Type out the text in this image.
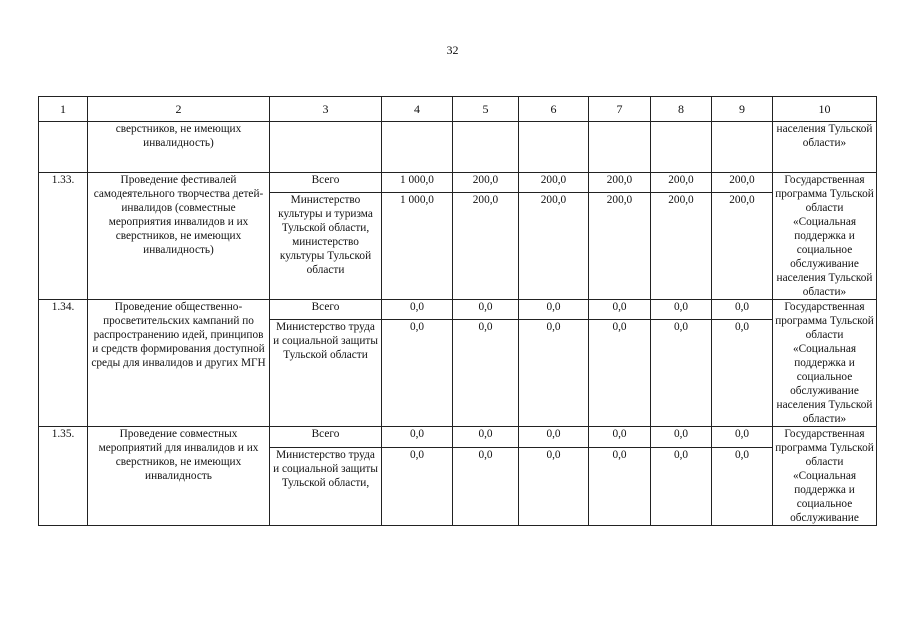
32
1	2	3	4	5	6	7	8	9	10
	сверстников, не имеющих инвалидность)								населения Тульской области»
1.33.	Проведение фестивалей самодеятельного творчества детей-инвалидов (совместные мероприятия инвалидов и их сверстников, не имеющих инвалидность)	Всего	1 000,0	200,0	200,0	200,0	200,0	200,0	Государственная программа Тульской области «Социальная поддержка и социальное обслуживание населения Тульской области»
		Министерство культуры и туризма Тульской области, министерство культуры Тульской области	1 000,0	200,0	200,0	200,0	200,0	200,0	
1.34.	Проведение общественно-просветительских кампаний по распространению идей, принципов и средств формирования доступной среды для инвалидов и других МГН	Всего	0,0	0,0	0,0	0,0	0,0	0,0	Государственная программа Тульской области «Социальная поддержка и социальное обслуживание населения Тульской области»
		Министерство труда и социальной защиты Тульской области	0,0	0,0	0,0	0,0	0,0	0,0	
1.35.	Проведение совместных мероприятий для инвалидов и их сверстников, не имеющих инвалидность	Всего	0,0	0,0	0,0	0,0	0,0	0,0	Государственная программа Тульской области «Социальная поддержка и социальное обслуживание
		Министерство труда и социальной защиты Тульской области,	0,0	0,0	0,0	0,0	0,0	0,0	
